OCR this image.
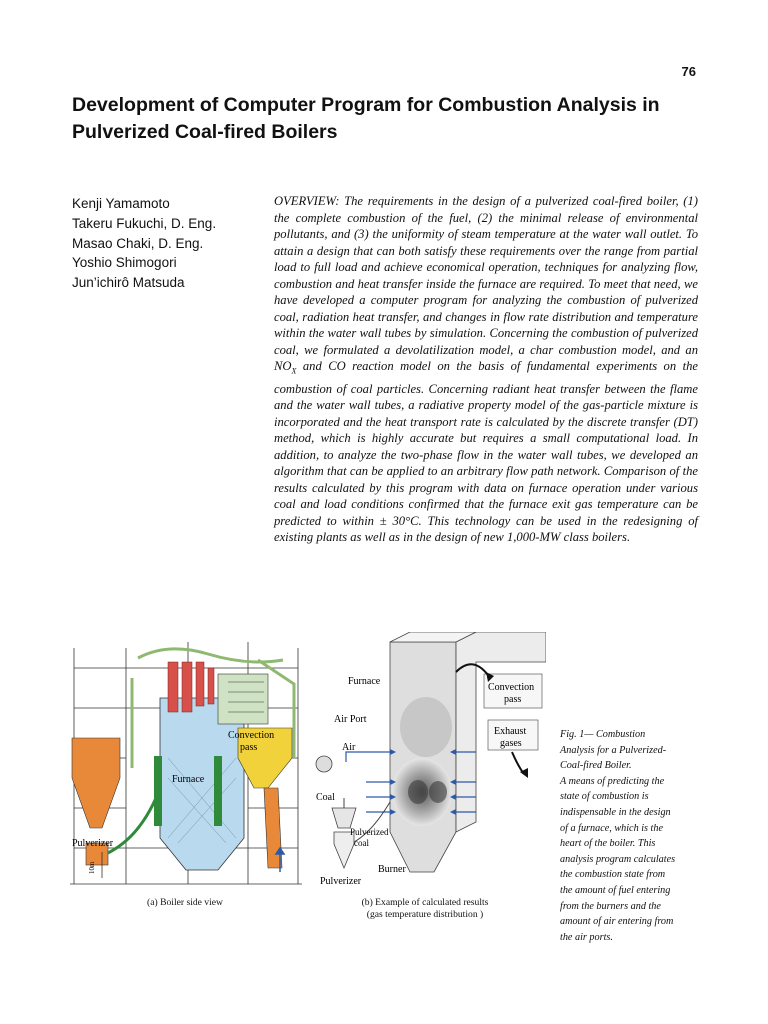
76
Development of Computer Program for Combustion Analysis in Pulverized Coal-fired Boilers
Kenji Yamamoto
Takeru Fukuchi, D. Eng.
Masao Chaki, D. Eng.
Yoshio Shimogori
Jun’ichirô Matsuda

OVERVIEW: The requirements in the design of a pulverized coal-fired boiler, (1) the complete combustion of the fuel, (2) the minimal release of environmental pollutants, and (3) the uniformity of steam temperature at the water wall outlet. To attain a design that can both satisfy these requirements over the range from partial load to full load and achieve economical operation, techniques for analyzing flow, combustion and heat transfer inside the furnace are required. To meet that need, we have developed a computer program for analyzing the combustion of pulverized coal, radiation heat transfer, and changes in flow rate distribution and temperature within the water wall tubes by simulation. Concerning the combustion of pulverized coal, we formulated a devolatilization model, a char combustion model, and an $NO_X$ and CO reaction model on the basis of fundamental experiments on the combustion of coal particles. Concerning radiant heat transfer between the flame and the water wall tubes, a radiative property model of the gas-particle mixture is incorporated and the heat transport rate is calculated by the discrete transfer (DT) method, which is highly accurate but requires a small computational load. In addition, to analyze the two-phase flow in the water wall tubes, we developed an algorithm that can be applied to an arbitrary flow path network. Comparison of the results calculated by this program with data on furnace operation under various coal and load conditions confirmed that the furnace exit gas temperature can be predicted to within ± 30°C. This technology can be used in the redesigning of existing plants as well as in the design of new 1,000-MW class boilers.

Convection
pass
Furnace
Pulverizer
10m
Furnace
Air Port
Air
Coal
Pulverized
coal
Burner
Pulverizer
Convection
pass
Exhaust
gases
(a) Boiler side view	(b) Example of calculated results
(gas temperature distribution )
Fig. 1— Combustion
Analysis for a Pulverized-
Coal-fired Boiler.
A means of predicting the
state of combustion is
indispensable in the design
of a furnace, which is the
heart of the boiler. This
analysis program calculates
the combustion state from
the amount of fuel entering
from the burners and the
amount of air entering from
the air ports.
